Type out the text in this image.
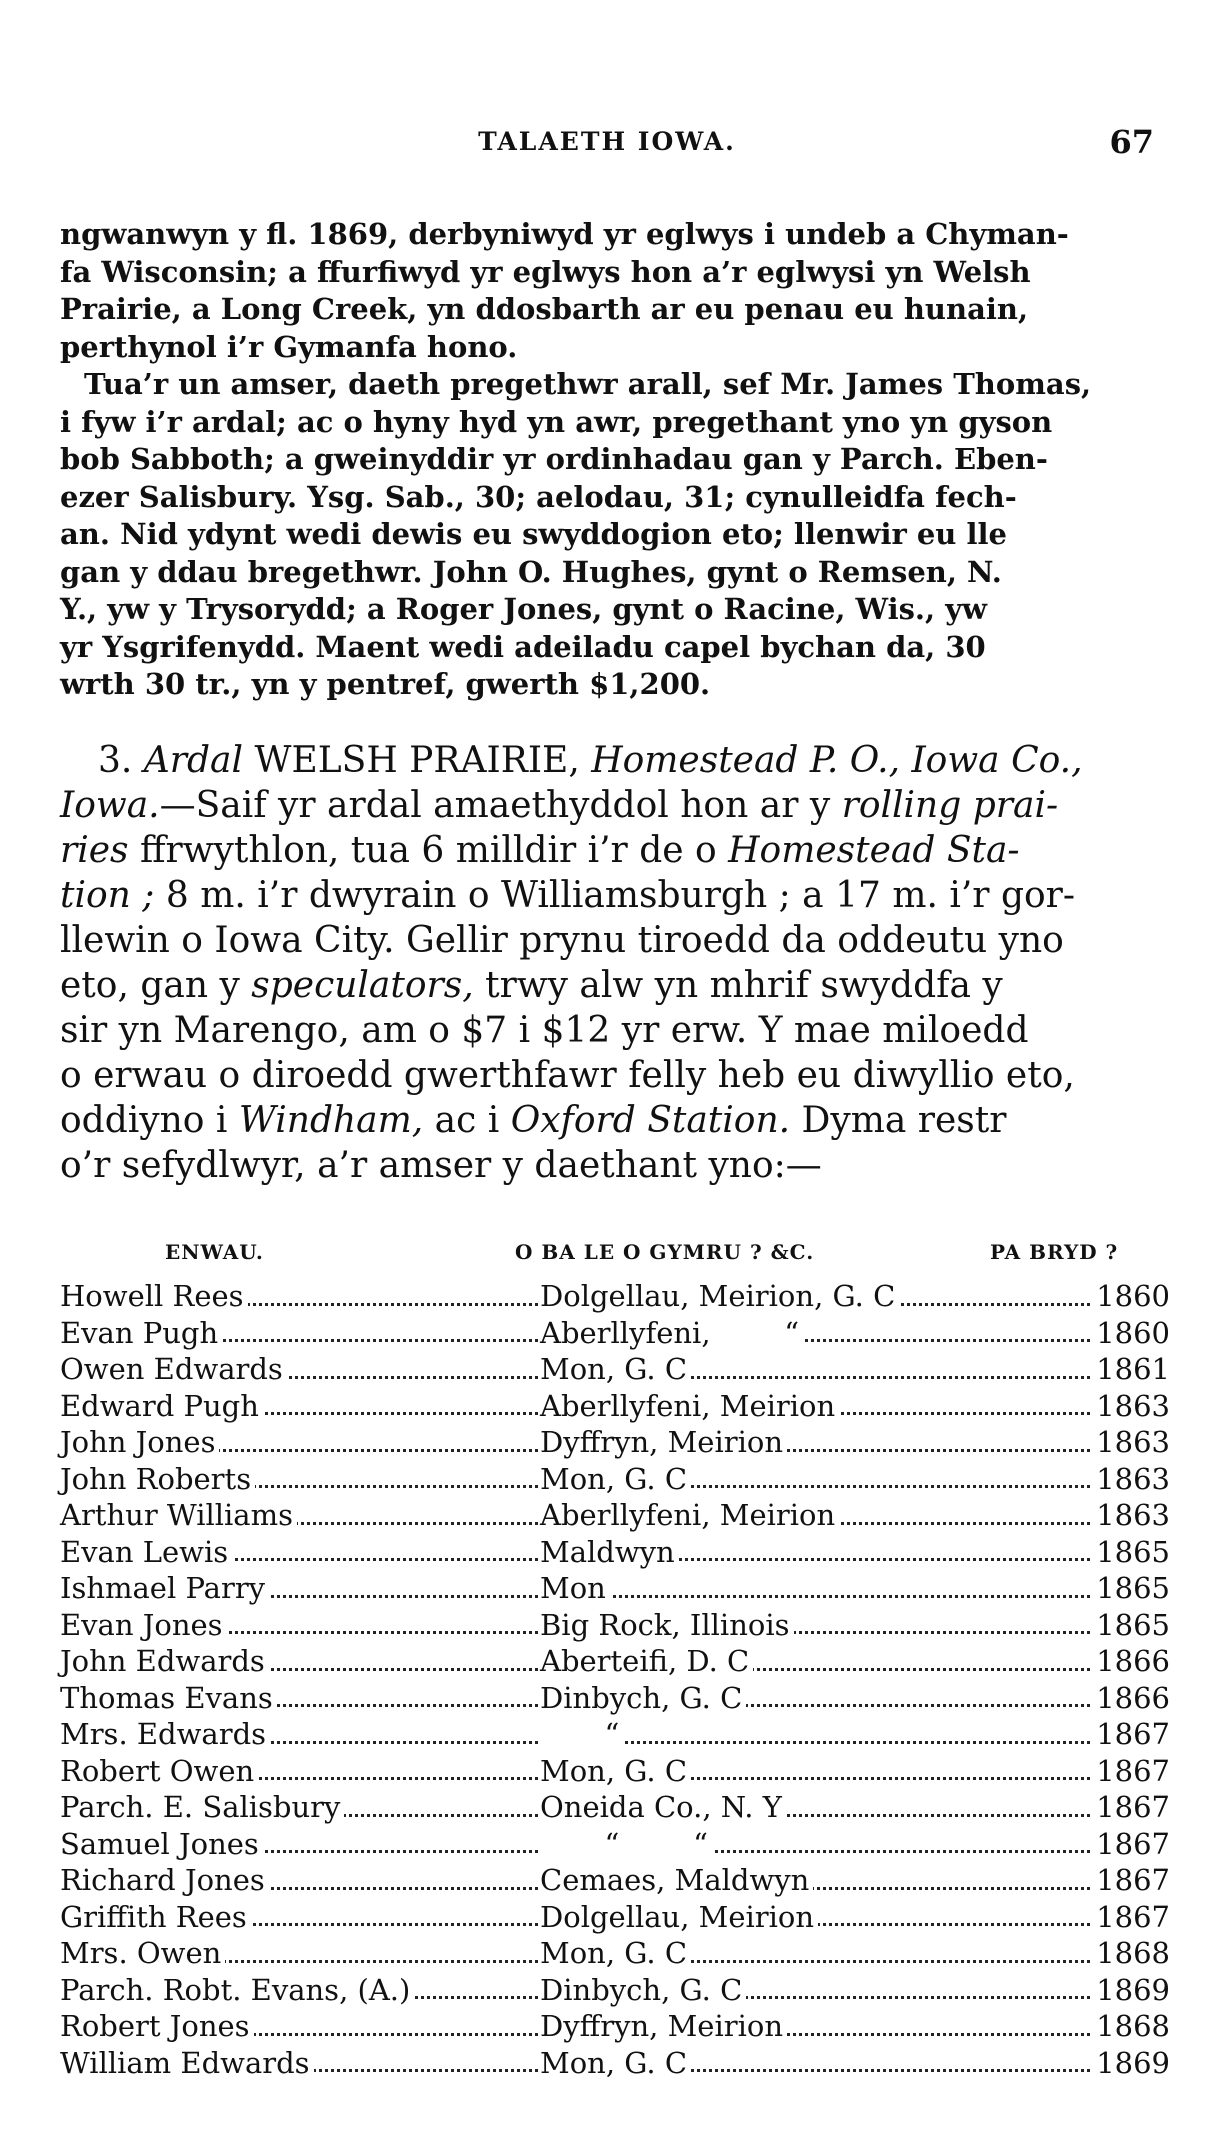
TALAETH IOWA.	67
ngwanwyn y fl. 1869, derbyniwyd yr eglwys i undeb a Chyman-
fa Wisconsin; a ffurfiwyd yr eglwys hon a’r eglwysi yn Welsh
Prairie, a Long Creek, yn ddosbarth ar eu penau eu hunain,
perthynol i’r Gymanfa hono.
Tua’r un amser, daeth pregethwr arall, sef Mr. James Thomas,
i fyw i’r ardal; ac o hyny hyd yn awr, pregethant yno yn gyson
bob Sabboth; a gweinyddir yr ordinhadau gan y Parch. Eben-
ezer Salisbury. Ysg. Sab., 30; aelodau, 31; cynulleidfa fech-
an. Nid ydynt wedi dewis eu swyddogion eto; llenwir eu lle
gan y ddau bregethwr. John O. Hughes, gynt o Remsen, N.
Y., yw y Trysorydd; a Roger Jones, gynt o Racine, Wis., yw
yr Ysgrifenydd. Maent wedi adeiladu capel bychan da, 30
wrth 30 tr., yn y pentref, gwerth $1,200.
3. Ardal WELSH PRAIRIE, Homestead P. O., Iowa Co.,
Iowa.—Saif yr ardal amaethyddol hon ar y rolling prai-
ries ffrwythlon, tua 6 milldir i’r de o Homestead Sta-
tion ; 8 m. i’r dwyrain o Williamsburgh ; a 17 m. i’r gor-
llewin o Iowa City. Gellir prynu tiroedd da oddeutu yno
eto, gan y speculators, trwy alw yn mhrif swyddfa y
sir yn Marengo, am o $7 i $12 yr erw. Y mae miloedd
o erwau o diroedd gwerthfawr felly heb eu diwyllio eto,
oddiyno i Windham, ac i Oxford Station. Dyma restr
o’r sefydlwyr, a’r amser y daethant yno:—
ENWAU.	O BA LE O GYMRU ? &C.	PA BRYD ?
Howell Rees	Dolgellau, Meirion, G. C	1860
Evan Pugh	Aberllyfeni,        “	1860
Owen Edwards	Mon, G. C	1861
Edward Pugh	Aberllyfeni, Meirion	1863
John Jones	Dyffryn, Meirion	1863
John Roberts	Mon, G. C	1863
Arthur Williams	Aberllyfeni, Meirion	1863
Evan Lewis	Maldwyn	1865
Ishmael Parry	Mon	1865
Evan Jones	Big Rock, Illinois	1865
John Edwards	Aberteifi, D. C	1866
Thomas Evans	Dinbych, G. C	1866
Mrs. Edwards	“	1867
Robert Owen	Mon, G. C	1867
Parch. E. Salisbury	Oneida Co., N. Y	1867
Samuel Jones	“        “	1867
Richard Jones	Cemaes, Maldwyn	1867
Griffith Rees	Dolgellau, Meirion	1867
Mrs. Owen	Mon, G. C	1868
Parch. Robt. Evans, (A.)	Dinbych, G. C	1869
Robert Jones	Dyffryn, Meirion	1868
William Edwards	Mon, G. C	1869
